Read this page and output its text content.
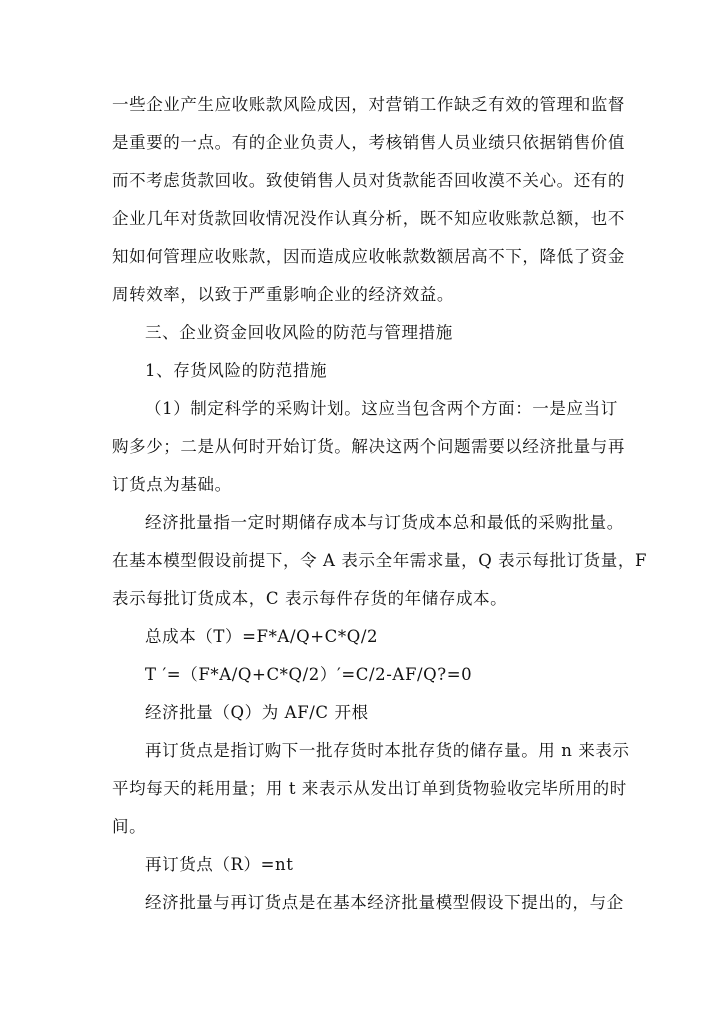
一些企业产生应收账款风险成因，对营销工作缺乏有效的管理和监督
是重要的一点。有的企业负责人，考核销售人员业绩只依据销售价值
而不考虑货款回收。致使销售人员对货款能否回收漠不关心。还有的
企业几年对货款回收情况没作认真分析，既不知应收账款总额，也不
知如何管理应收账款，因而造成应收帐款数额居高不下，降低了资金
周转效率，以致于严重影响企业的经济效益。
三、企业资金回收风险的防范与管理措施
1、存货风险的防范措施
（1）制定科学的采购计划。这应当包含两个方面：一是应当订
购多少；二是从何时开始订货。解决这两个问题需要以经济批量与再
订货点为基础。
经济批量指一定时期储存成本与订货成本总和最低的采购批量。
在基本模型假设前提下，令 A 表示全年需求量，Q 表示每批订货量，F
表示每批订货成本，C 表示每件存货的年储存成本。
总成本（T）=F*A/Q+C*Q/2
T ′=（F*A/Q+C*Q/2）′=C/2-AF/Q?=0
经济批量（Q）为 AF/C 开根
再订货点是指订购下一批存货时本批存货的储存量。用 n 来表示
平均每天的耗用量；用 t 来表示从发出订单到货物验收完毕所用的时
间。
再订货点（R）=nt
经济批量与再订货点是在基本经济批量模型假设下提出的，与企
